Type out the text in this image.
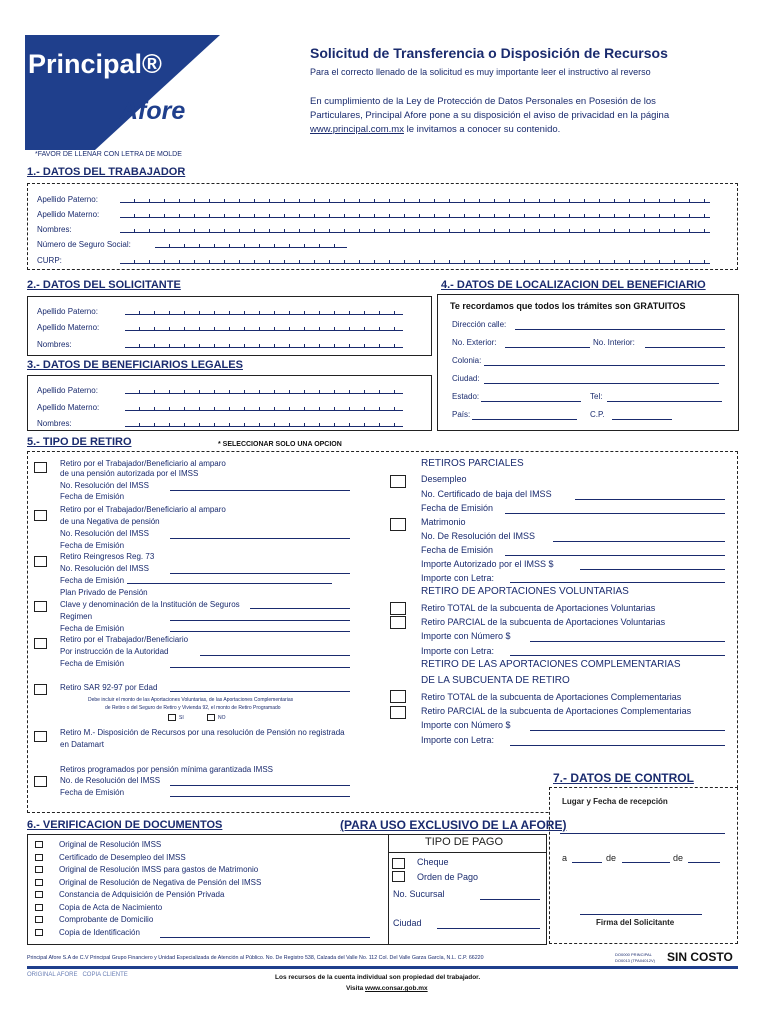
Principal®
Afore
Solicitud de Transferencia o Disposición de Recursos
Para el correcto llenado de la solicitud es muy importante leer el instructivo al reverso
En cumplimiento de la Ley de Protección de Datos Personales en Posesión de los
Particulares, Principal Afore pone a su disposición el aviso de privacidad en la página
www.principal.com.mx le invitamos a conocer su contenido.
*FAVOR DE LLENAR CON LETRA DE MOLDE
1.- DATOS DEL TRABAJADOR
Apellido Paterno:
Apellido Materno:
Nombres:
Número de Seguro Social:
CURP:
2.- DATOS DEL SOLICITANTE
Apellido Paterno:
Apellido Materno:
Nombres:
3.- DATOS DE BENEFICIARIOS LEGALES
Apellido Paterno:
Apellido Materno:
Nombres:
4.- DATOS DE LOCALIZACION DEL BENEFICIARIO
Te recordamos que todos los trámites son GRATUITOS
Dirección calle:
No. Exterior:	No. Interior:
Colonia:
Ciudad:
Estado:	Tel:
País:	C.P.
5.- TIPO DE RETIRO	* SELECCIONAR SOLO UNA OPCION
Retiro por el Trabajador/Beneficiario al amparo
de una pensión autorizada por el IMSS
No. Resolución del IMSS
Fecha de Emisión
Retiro por el Trabajador/Beneficiario al amparo
de una Negativa de pensión
No. Resolución del IMSS
Fecha de Emisión
Retiro Reingresos Reg. 73
No. Resolución del IMSS
Fecha de Emisión
Plan Privado de Pensión
Clave y denominación de la Institución de Seguros
Regimen
Fecha de Emisión
Retiro por el Trabajador/Beneficiario
Por instrucción de la Autoridad
Fecha de Emisión
Retiro SAR 92-97 por Edad
Debe incluir el monto de las Aportaciones Voluntarias, de las Aportaciones Complementarias
de Retiro o del Seguro de Retiro y Vivienda 92, el monto de Retiro Programado
SI	NO
Retiro M.- Disposición de Recursos por una resolución de Pensión no registrada
en Datamart
Retiros programados por pensión mínima garantizada IMSS
No. de Resolución del IMSS
Fecha de Emisión
RETIROS PARCIALES
Desempleo
No. Certificado de baja del IMSS
Fecha de Emisión
Matrimonio
No. De Resolución del IMSS
Fecha de Emisión
Importe Autorizado por el IMSS $
Importe con Letra:
RETIRO DE APORTACIONES VOLUNTARIAS
Retiro TOTAL de la subcuenta de Aportaciones Voluntarias
Retiro PARCIAL de la subcuenta de Aportaciones Voluntarias
Importe con Número $
Importe con Letra:
RETIRO DE LAS APORTACIONES COMPLEMENTARIAS
DE LA SUBCUENTA DE RETIRO
Retiro TOTAL de la subcuenta de Aportaciones Complementarias
Retiro PARCIAL de la subcuenta de Aportaciones Complementarias
Importe con Número $
Importe con Letra:
7.- DATOS DE CONTROL
Lugar y Fecha de recepción
a	de	de
Firma del Solicitante
6.- VERIFICACION DE DOCUMENTOS	(PARA USO EXCLUSIVO DE LA AFORE)
Original de Resolución IMSS
Certificado de Desempleo del IMSS
Original de Resolución IMSS para gastos de Matrimonio
Original de Resolución de Negativa de Pensión del IMSS
Constancia de Adquisición de Pensión Privada
Copia de Acta de Nacimiento
Comprobante de Domicilio
Copia de Identificación
TIPO DE PAGO
Cheque
Orden de Pago
No. Sucursal
Ciudad
Principal Afore S.A de C.V Principal Grupo Financiero y Unidad Especializada de Atención al Público. No. De Registro 538, Calzada del Valle No. 112 Col. Del Valle Garza García, N.L. C.P. 66220
DO0000 PRINCIPAL
DO0013 (TPA04012V) SIN COSTO
ORIGINAL AFORE   COPIA CLIENTE	Los recursos de la cuenta individual son propiedad del trabajador.
Visita www.consar.gob.mx
